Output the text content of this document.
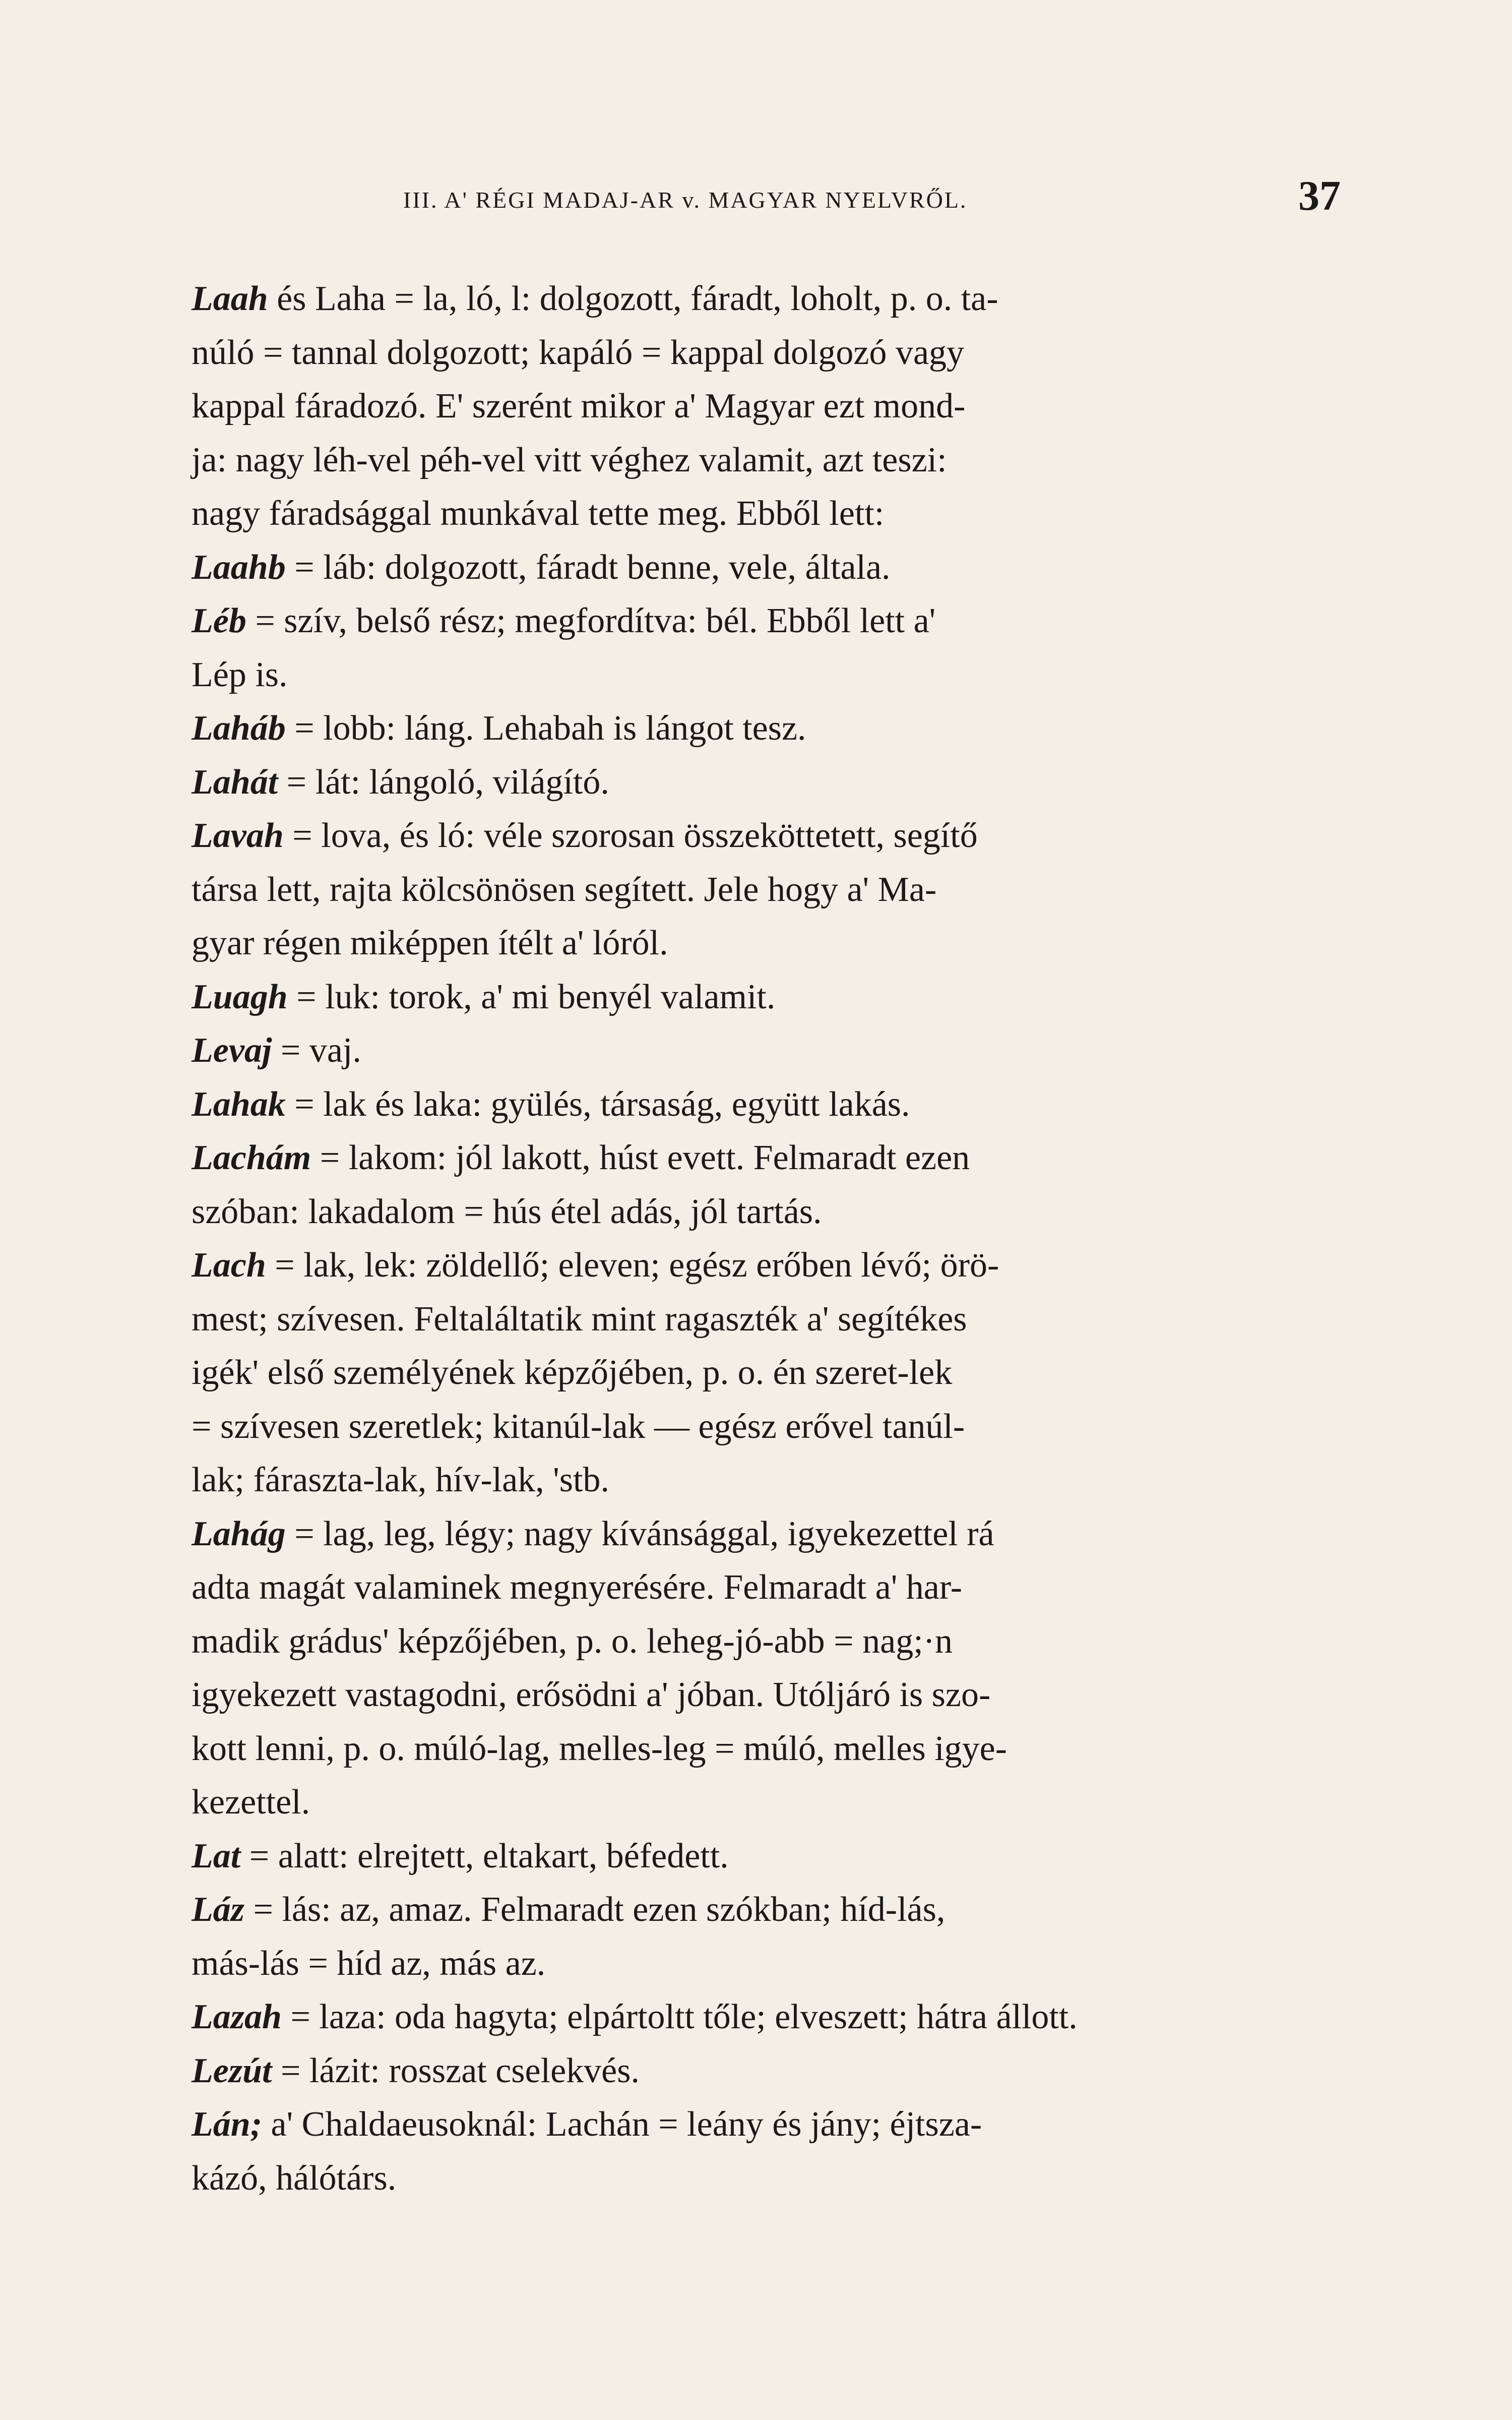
III. A' RÉGI MADAJ-AR v. MAGYAR NYELVRŐL.	37
Laah és Laha = la, ló, l: dolgozott, fáradt, loholt, p. o. ta-
núló = tannal dolgozott; kapáló = kappal dolgozó vagy
kappal fáradozó. E' szerént mikor a' Magyar ezt mond-
ja: nagy léh-vel péh-vel vitt véghez valamit, azt teszi:
nagy fáradsággal munkával tette meg. Ebből lett:
Laahb = láb: dolgozott, fáradt benne, vele, általa.
Léb = szív, belső rész; megfordítva: bél. Ebből lett a'
Lép is.
Laháb = lobb: láng. Lehabah is lángot tesz.
Lahát = lát: lángoló, világító.
Lavah = lova, és ló: véle szorosan összeköttetett, segítő
társa lett, rajta kölcsönösen segített. Jele hogy a' Ma-
gyar régen miképpen ítélt a' lóról.
Luagh = luk: torok, a' mi benyél valamit.
Levaj = vaj.
Lahak = lak és laka: gyülés, társaság, együtt lakás.
Lachám = lakom: jól lakott, húst evett. Felmaradt ezen
szóban: lakadalom = hús étel adás, jól tartás.
Lach = lak, lek: zöldellő; eleven; egész erőben lévő; örö-
mest; szívesen. Feltaláltatik mint ragaszték a' segítékes
igék' első személyének képzőjében, p. o. én szeret-lek
= szívesen szeretlek; kitanúl-lak — egész erővel tanúl-
lak; fáraszta-lak, hív-lak, 'stb.
Lahág = lag, leg, légy; nagy kívánsággal, igyekezettel rá
adta magát valaminek megnyerésére. Felmaradt a' har-
madik grádus' képzőjében, p. o. leheg-jó-abb = nag;·n
igyekezett vastagodni, erősödni a' jóban. Utóljáró is szo-
kott lenni, p. o. múló-lag, melles-leg = múló, melles igye-
kezettel.
Lat = alatt: elrejtett, eltakart, béfedett.
Láz = lás: az, amaz. Felmaradt ezen szókban; híd-lás,
más-lás = híd az, más az.
Lazah = laza: oda hagyta; elpártoltt tőle; elveszett; hátra állott.
Lezút = lázit: rosszat cselekvés.
Lán; a' Chaldaeusoknál: Lachán = leány és jány; éjtsza-
kázó, hálótárs.
